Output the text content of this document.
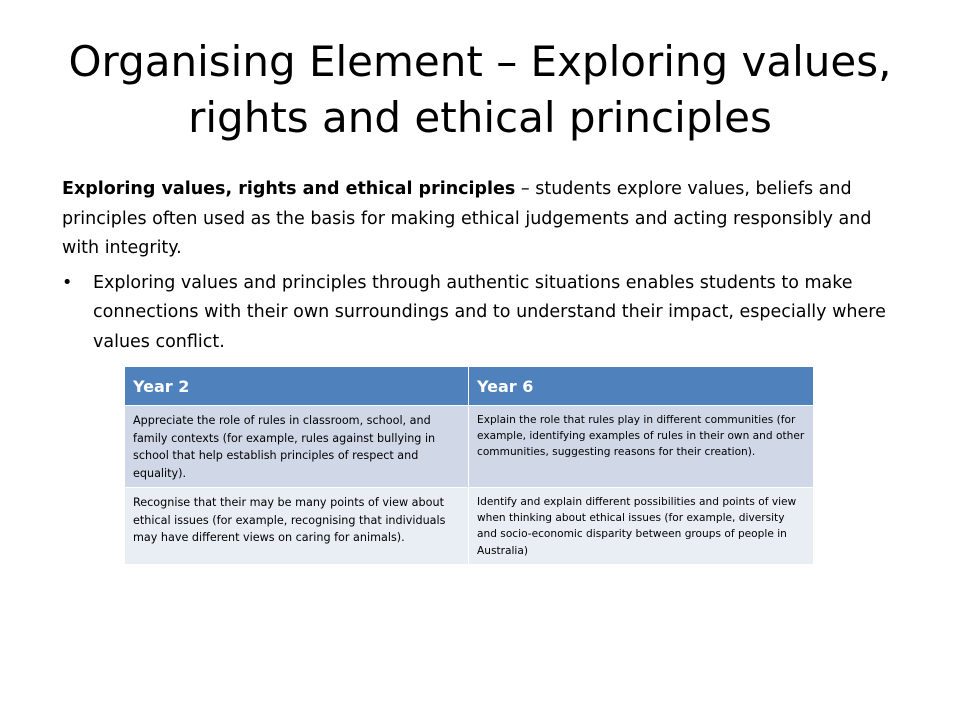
Organising Element – Exploring values, rights and ethical principles

Exploring values, rights and ethical principles – students explore values, beliefs and principles often used as the basis for making ethical judgements and acting responsibly and with integrity.

• Exploring values and principles through authentic situations enables students to make connections with their own surroundings and to understand their impact, especially where values conflict.
Year 2	Year 6
Appreciate the role of rules in classroom, school, and family contexts (for example, rules against bullying in school that help establish principles of respect and equality).	Explain the role that rules play in different communities (for example, identifying examples of rules in their own and other communities, suggesting reasons for their creation).
Recognise that their may be many points of view about ethical issues (for example, recognising that individuals may have different views on caring for animals).	Identify and explain different possibilities and points of view when thinking about ethical issues (for example, diversity and socio-economic disparity between groups of people in Australia)
